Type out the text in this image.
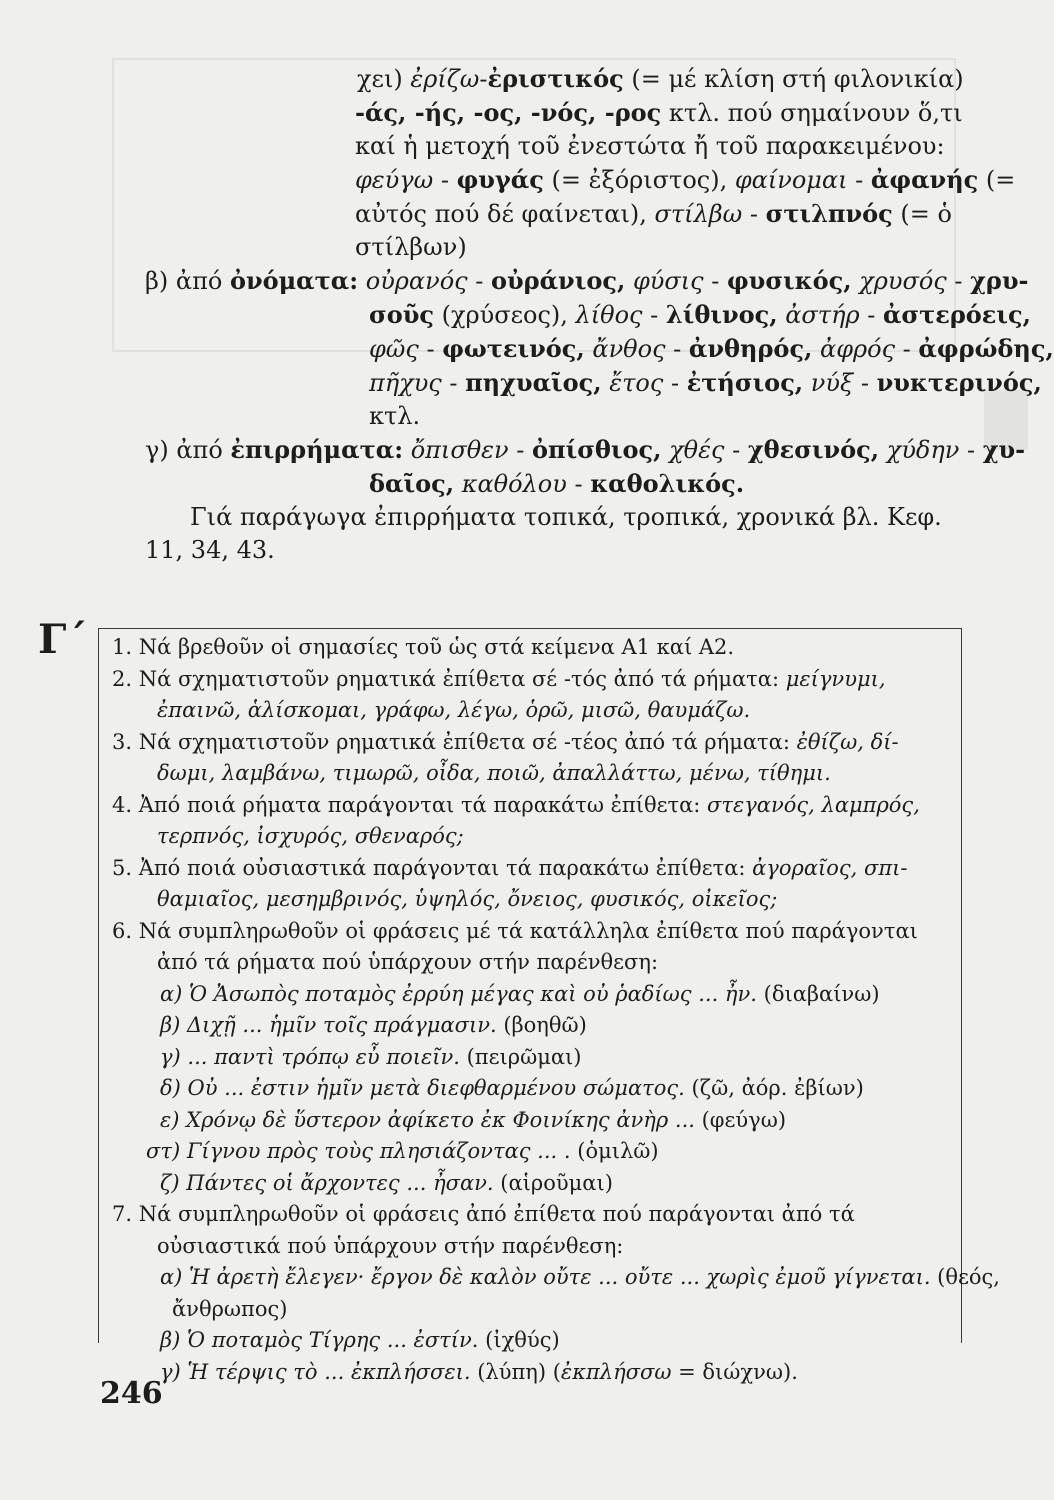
χει) ἐρίζω-ἐριστικός (= μέ κλίση στή φιλονικία)
-άς, -ής, -ος, -νός, -ρος κτλ. πού σημαίνουν ὅ,τι
καί ἡ μετοχή τοῦ ἐνεστώτα ἤ τοῦ παρακειμένου:
φεύγω - φυγάς (= ἐξόριστος), φαίνομαι - ἀφανής (=
αὐτός πού δέ φαίνεται), στίλβω - στιλπνός (= ὁ
στίλβων)
β) ἀπό ὀνόματα: οὐρανός - οὐράνιος, φύσις - φυσικός, χρυσός - χρυ-
σοῦς (χρύσεος), λίθος - λίθινος, ἀστήρ - ἀστερόεις,
φῶς - φωτεινός, ἄνθος - ἀνθηρός, ἀφρός - ἀφρώδης,
πῆχυς - πηχυαῖος, ἔτος - ἐτήσιος, νύξ - νυκτερινός,
κτλ.
γ) ἀπό ἐπιρρήματα: ὄπισθεν - ὀπίσθιος, χθές - χθεσινός, χύδην - χυ-
δαῖος, καθόλου - καθολικός.
Γιά παράγωγα ἐπιρρήματα τοπικά, τροπικά, χρονικά βλ. Κεφ.
11, 34, 43.
Γ΄ 1. Νά βρεθοῦν οἱ σημασίες τοῦ ὡς στά κείμενα Α1 καί Α2.
2. Νά σχηματιστοῦν ρηματικά ἐπίθετα σέ -τός ἀπό τά ρήματα: μείγνυμι,
ἐπαινῶ, ἁλίσκομαι, γράφω, λέγω, ὁρῶ, μισῶ, θαυμάζω.
3. Νά σχηματιστοῦν ρηματικά ἐπίθετα σέ -τέος ἀπό τά ρήματα: ἐθίζω, δί-
δωμι, λαμβάνω, τιμωρῶ, οἶδα, ποιῶ, ἀπαλλάττω, μένω, τίθημι.
4. Ἀπό ποιά ρήματα παράγονται τά παρακάτω ἐπίθετα: στεγανός, λαμπρός,
τερπνός, ἰσχυρός, σθεναρός;
5. Ἀπό ποιά οὐσιαστικά παράγονται τά παρακάτω ἐπίθετα: ἀγοραῖος, σπι-
θαμιαῖος, μεσημβρινός, ὑψηλός, ὄνειος, φυσικός, οἰκεῖος;
6. Νά συμπληρωθοῦν οἱ φράσεις μέ τά κατάλληλα ἐπίθετα πού παράγονται
ἀπό τά ρήματα πού ὑπάρχουν στήν παρένθεση:
α) Ὁ Ἀσωπὸς ποταμὸς ἐρρύη μέγας καὶ οὐ ῥαδίως ... ἦν. (διαβαίνω)
β) Διχῇ ... ἡμῖν τοῖς πράγμασιν. (βοηθῶ)
γ) ... παντὶ τρόπῳ εὖ ποιεῖν. (πειρῶμαι)
δ) Οὐ ... ἐστιν ἡμῖν μετὰ διεφθαρμένου σώματος. (ζῶ, ἀόρ. ἐβίων)
ε) Χρόνῳ δὲ ὕστερον ἀφίκετο ἐκ Φοινίκης ἀνὴρ ... (φεύγω)
στ) Γίγνου πρὸς τοὺς πλησιάζοντας ... . (ὁμιλῶ)
ζ) Πάντες οἱ ἄρχοντες ... ἦσαν. (αἱροῦμαι)
7. Νά συμπληρωθοῦν οἱ φράσεις ἀπό ἐπίθετα πού παράγονται ἀπό τά
οὐσιαστικά πού ὑπάρχουν στήν παρένθεση:
α) Ἡ ἀρετὴ ἔλεγεν· ἔργον δὲ καλὸν οὔτε ... οὔτε ... χωρὶς ἐμοῦ γίγνεται. (θεός,
ἄνθρωπος)
β) Ὁ ποταμὸς Τίγρης ... ἐστίν. (ἰχθύς)
γ) Ἡ τέρψις τὸ ... ἐκπλήσσει. (λύπη) (ἐκπλήσσω = διώχνω).
246
